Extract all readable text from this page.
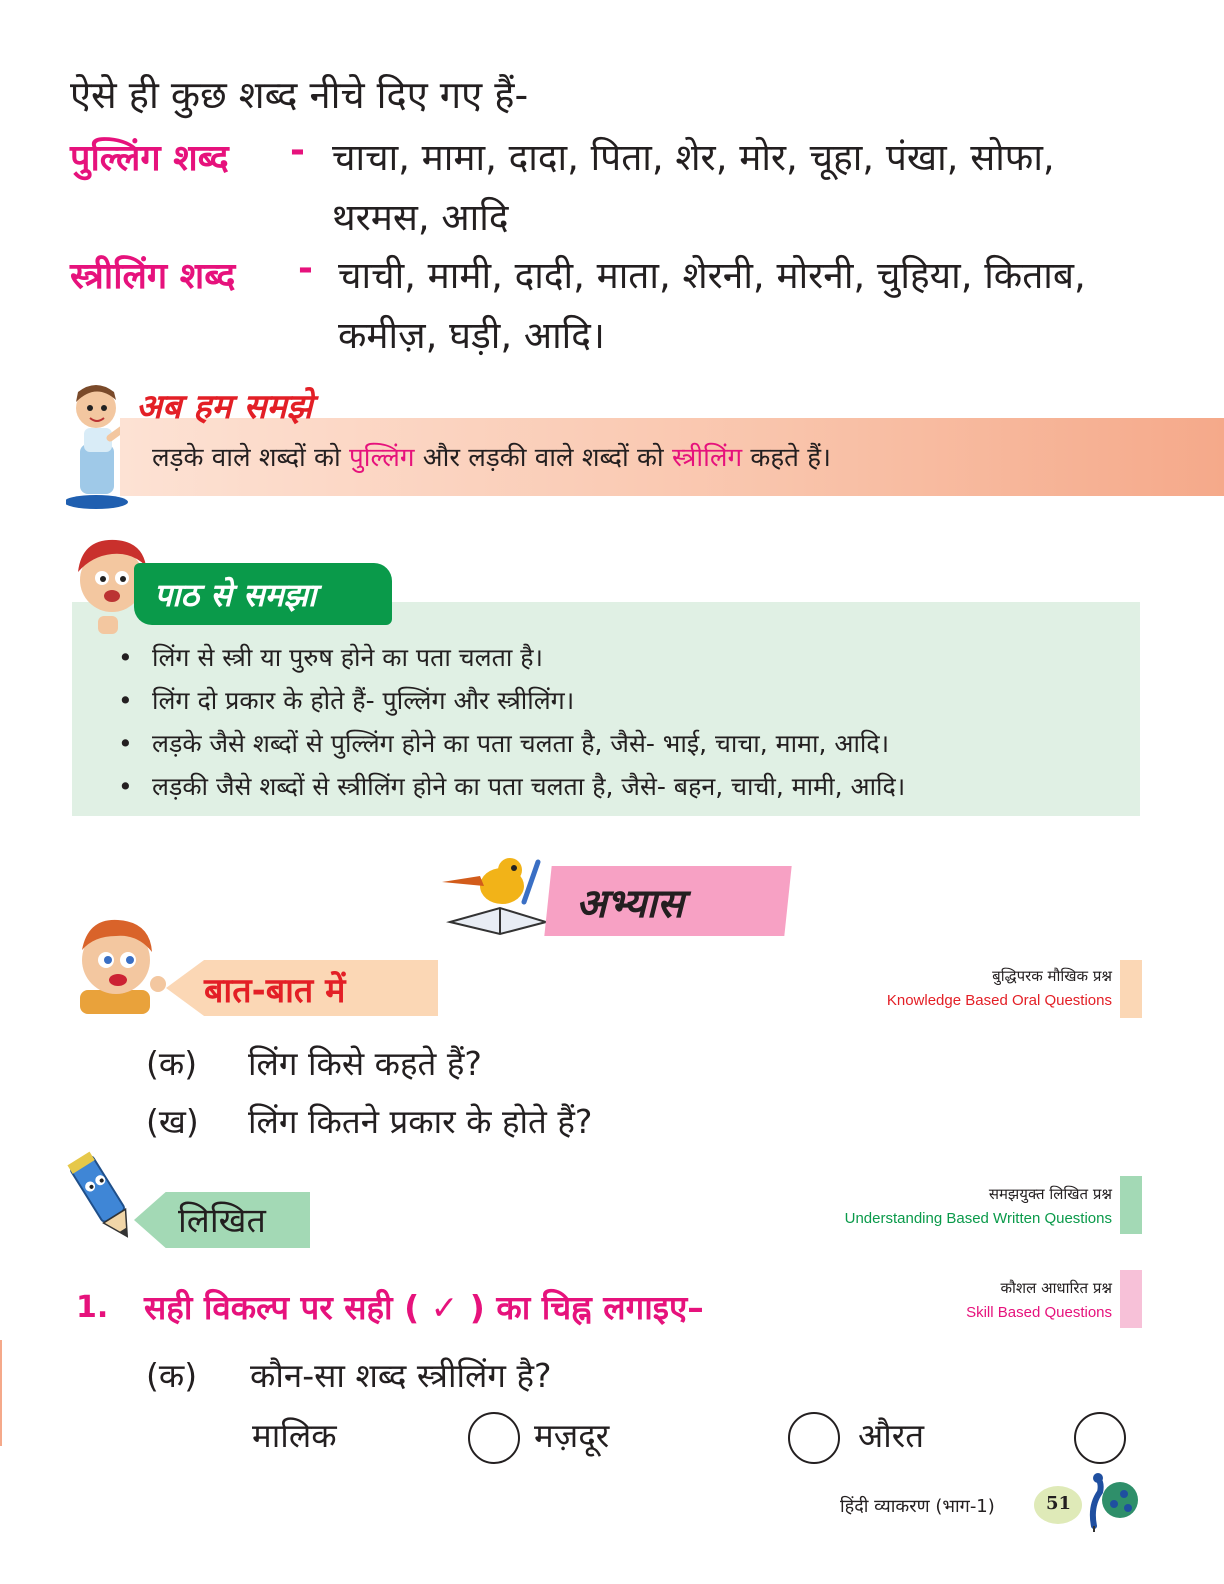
ऐसे ही कुछ शब्द नीचे दिए गए हैं-
पुल्लिंग शब्द - चाचा, मामा, दादा, पिता, शेर, मोर, चूहा, पंखा, सोफा,
थरमस, आदि
स्त्रीलिंग शब्द - चाची, मामी, दादी, माता, शेरनी, मोरनी, चुहिया, किताब,
कमीज़, घड़ी, आदि।
लड़के वाले शब्दों को पुल्लिंग और लड़की वाले शब्दों को स्त्रीलिंग कहते हैं।
अब हम समझे
• लिंग से स्त्री या पुरुष होने का पता चलता है।
• लिंग दो प्रकार के होते हैं- पुल्लिंग और स्त्रीलिंग।
• लड़के जैसे शब्दों से पुल्लिंग होने का पता चलता है, जैसे- भाई, चाचा, मामा, आदि।
• लड़की जैसे शब्दों से स्त्रीलिंग होने का पता चलता है, जैसे- बहन, चाची, मामी, आदि।
पाठ से समझा
अभ्यास
बात-बात में	बुद्धिपरक मौखिक प्रश्न
Knowledge Based Oral Questions
(क) लिंग किसे कहते हैं?
(ख) लिंग कितने प्रकार के होते हैं?
लिखित
समझयुक्त लिखित प्रश्न
Understanding Based Written Questions
कौशल आधारित प्रश्न
Skill Based Questions
1. सही विकल्प पर सही ( ✓ ) का चिह्न लगाइए–
(क) कौन-सा शब्द स्त्रीलिंग है?
मालिक	मज़दूर	औरत
हिंदी व्याकरण (भाग-1)	51
